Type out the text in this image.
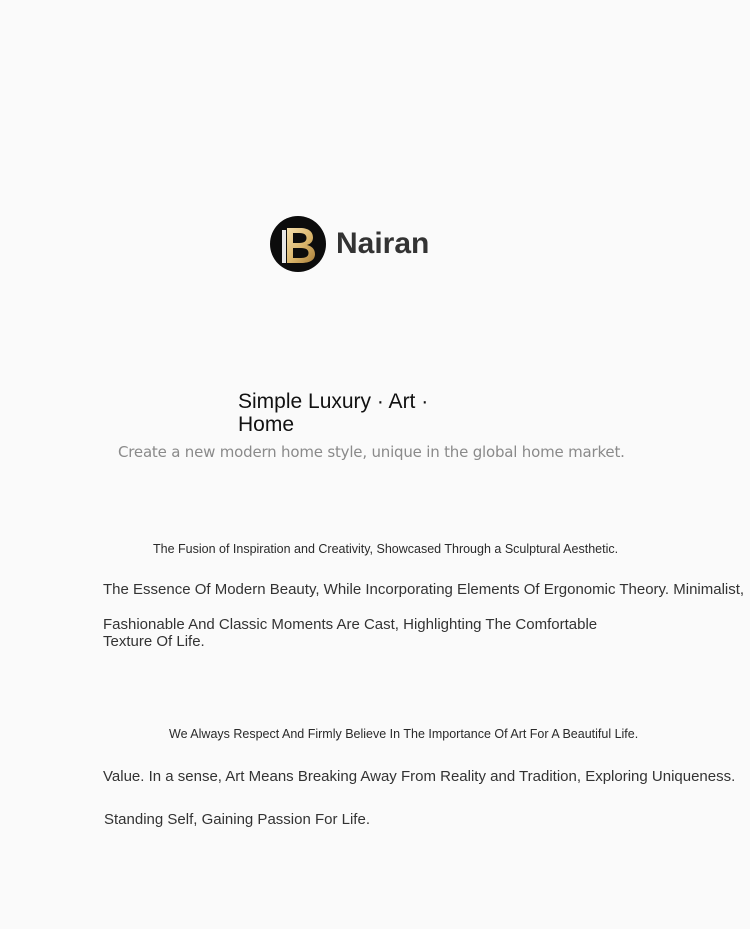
Nairan
Simple Luxury · Art · Home
Create a new modern home style, unique in the global home market.
The Fusion of Inspiration and Creativity, Showcased Through a Sculptural Aesthetic.
The Essence Of Modern Beauty, While Incorporating Elements Of Ergonomic Theory. Minimalist,
Fashionable And Classic Moments Are Cast, Highlighting The Comfortable Texture Of Life.
We Always Respect And Firmly Believe In The Importance Of Art For A Beautiful Life.
Value. In a sense, Art Means Breaking Away From Reality and Tradition, Exploring Uniqueness.
Standing Self, Gaining Passion For Life.
